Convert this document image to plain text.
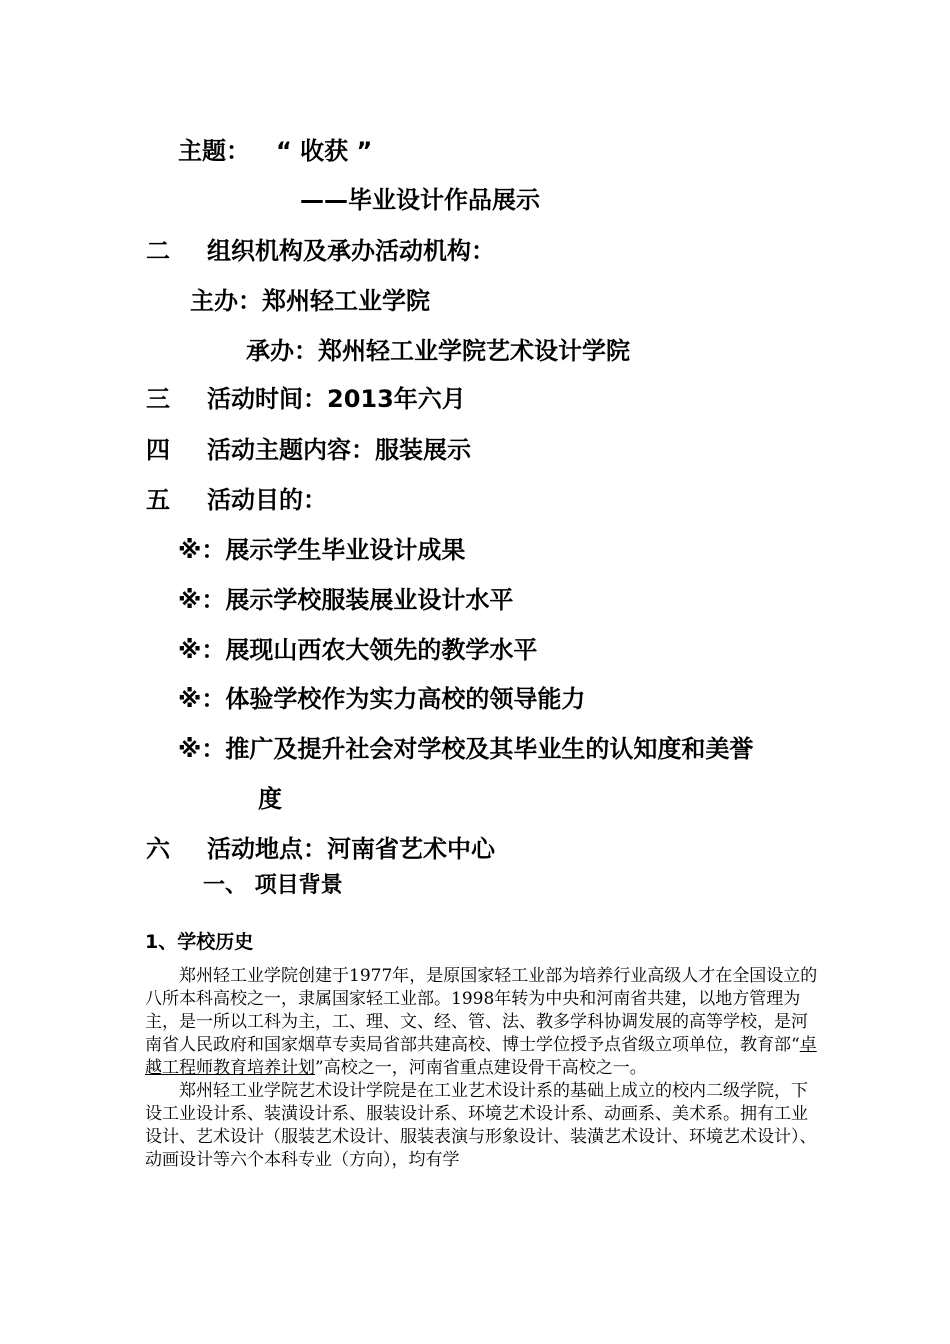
主题： “ 收获 ”
——毕业设计作品展示
二 组织机构及承办活动机构：
主办：郑州轻工业学院
承办：郑州轻工业学院艺术设计学院
三 活动时间：2013年六月
四 活动主题内容：服装展示
五 活动目的：
※：展示学生毕业设计成果
※：展示学校服装展业设计水平
※：展现山西农大领先的教学水平
※：体验学校作为实力高校的领导能力
※：推广及提升社会对学校及其毕业生的认知度和美誉
度
六 活动地点：河南省艺术中心
一、 项目背景
1、学校历史

郑州轻工业学院创建于1977年，是原国家轻工业部为培养行业高级人才在全国设立的八所本科高校之一，隶属国家轻工业部。1998年转为中央和河南省共建，以地方管理为主，是一所以工科为主，工、理、文、经、管、法、教多学科协调发展的高等学校，是河南省人民政府和国家烟草专卖局省部共建高校、博士学位授予点省级立项单位，教育部“卓越工程师教育培养计划”高校之一，河南省重点建设骨干高校之一。

郑州轻工业学院艺术设计学院是在工业艺术设计系的基础上成立的校内二级学院，下设工业设计系、装潢设计系、服装设计系、环境艺术设计系、动画系、美术系。拥有工业设计、艺术设计（服装艺术设计、服装表演与形象设计、装潢艺术设计、环境艺术设计）、动画设计等六个本科专业（方向），均有学
